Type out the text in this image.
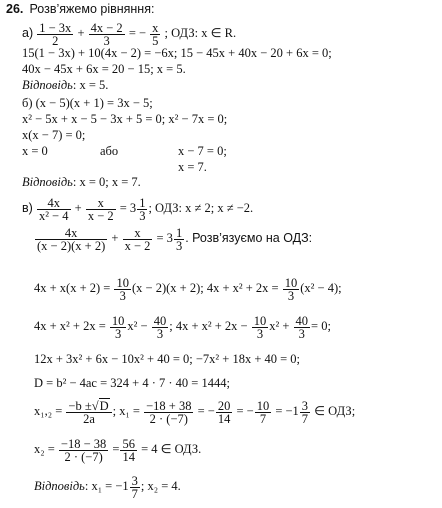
26. Розв’яжемо рівняння:
$а) \frac{1 - 3x}{2} + \frac{4x - 2}{3}$ = − $\frac{x}{5}$ ; ОДЗ: x ∈ R.
15(1 − 3x) + 10(4x − 2) = −6x; 15 − 45x + 40x − 20 + 6x = 0;
40x − 45x + 6x = 20 − 15; x = 5.
Відповідь: x = 5.
б) (x − 5)(x + 1) = 3x − 5;
x² − 5x + x − 5 − 3x + 5 = 0; x² − 7x = 0;
x(x − 7) = 0;
x = 0	або	x − 7 = 0;
x = 7.
Відповідь: x = 0; x = 7.
$в) \frac{4x}{\text{x² − 4}} + \frac{x}{x - 2} = 3 \frac{1}{3}$ ; ОДЗ: x ≠ 2; x ≠ −2.
$\frac{4x}{(x - 2)(x + 2)} + \frac{x}{x - 2} = 3 \frac{1}{3}$ . Розв’язуємо на ОДЗ:
$4x + x(x + 2) = \frac{10}{3} (x - 2)(x + 2)$; $4x + x^2 + 2x = \frac{10}{3} (x^2 - 4)$;
$4x + x^2 + 2x = \frac{10}{3} x^2 - \frac{40}{3}$ ; $4x + x^2 + 2x - \frac{10}{3} x^2 + \frac{40}{3} = 0$;
12x + 3x² + 6x − 10x² + 40 = 0; −7x² + 18x + 40 = 0;
D = b² − 4ac = 324 + 4 · 7 · 40 = 1444;
$x_1,_2 = \frac{-b \pm√D}{2a}$ ; $x_1 = \frac{-18 + 38}{2 \cdot (-7)}$ = − $\frac{20}{14}$ = − $\frac{10}{7} = -1 \frac{3}{7}$ ∈ ОДЗ;
$x_2 = \frac{-18 - 38}{2 \cdot (-7)} = \frac{56}{14} = 4$ ∈ ОДЗ.
Відповідь: $x_1 = -1 \frac{3}{7}$ ; x₂ = 4.
